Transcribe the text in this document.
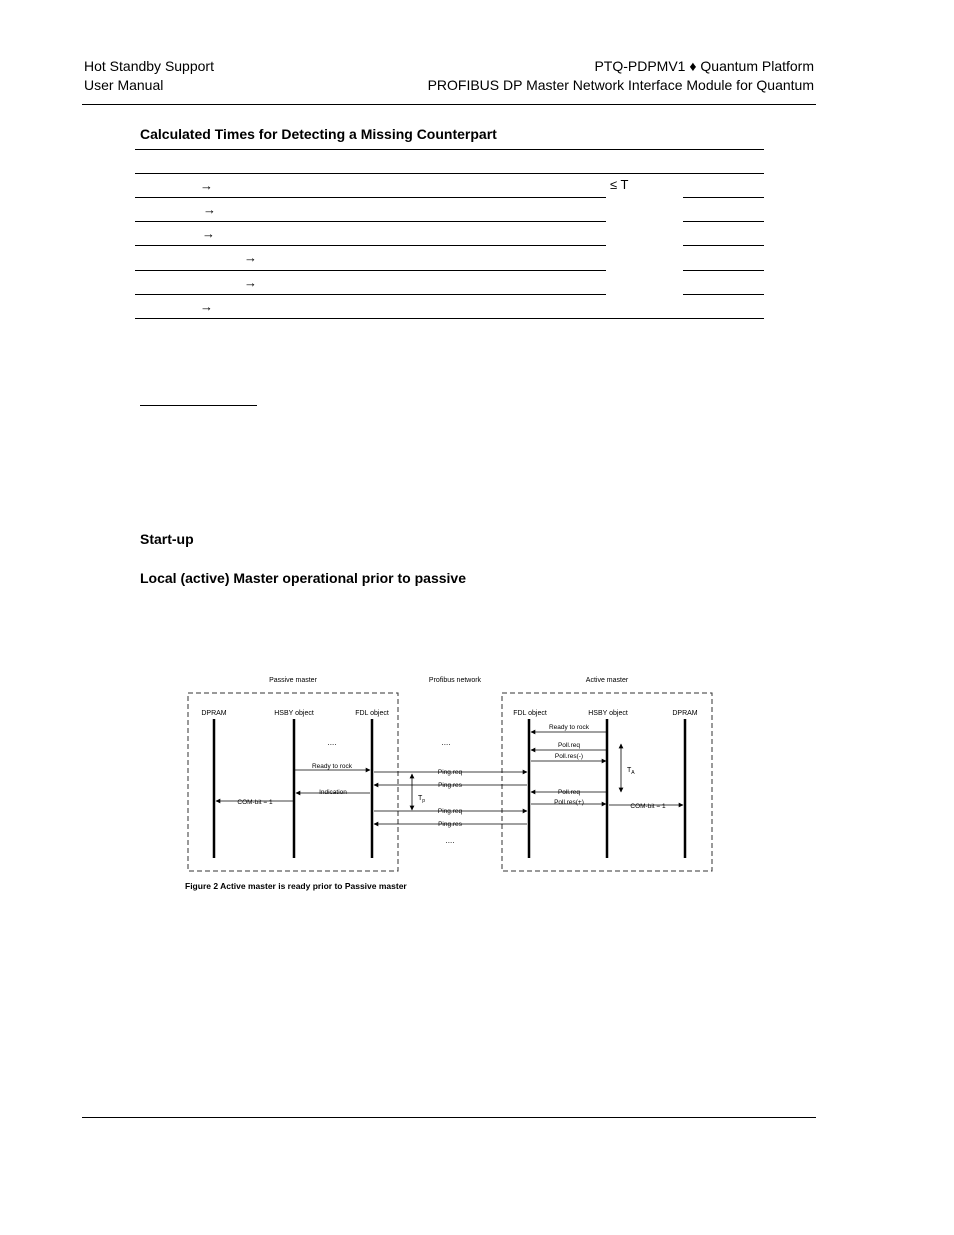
Hot Standby Support
User Manual
PTQ-PDPMV1 ♦ Quantum Platform
PROFIBUS DP Master Network Interface Module for Quantum
Calculated Times for Detecting a Missing Counterpart
→	≤ T
→
→
→
→
→
Start-up
Local (active) Master operational prior to passive
Passive master	Profibus network	Active master
DPRAM	HSBY object	FDL object	FDL object	HSBY object	DPRAM
....	....
....
Ready to rock
Poll.req
Poll.res(-)
$T_A$
Ready to rock
Ping.req
Ping.res
$T_p$
Indication
COM-bit = 1
Poll.req
Poll.res(+)
COM-bit = 1
Ping.req
Ping.res
Figure 2 Active master is ready prior to Passive master
